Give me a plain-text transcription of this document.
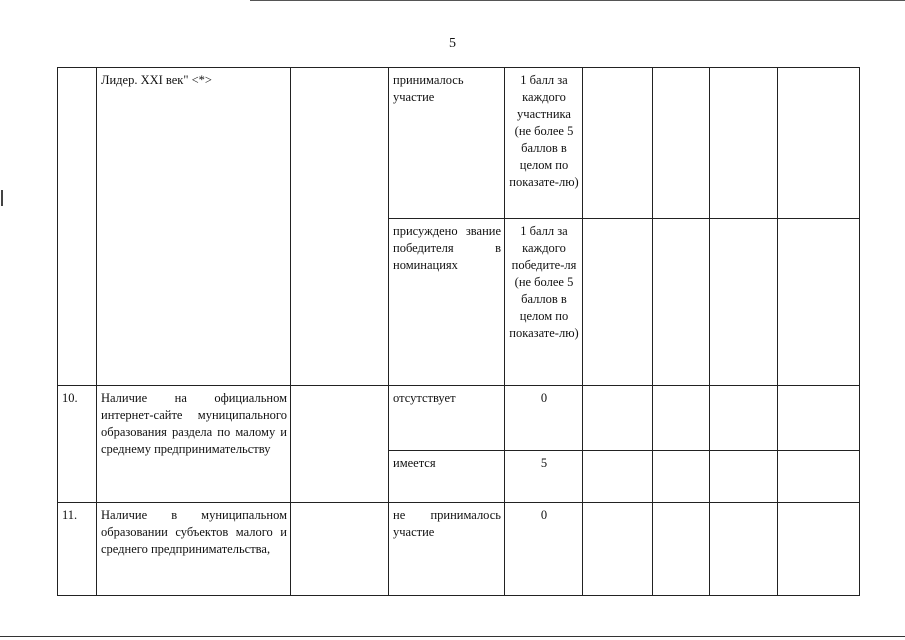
5
	Лидер. XXI век" <*>		принималось участие	1 балл за каждого участника (не более 5 баллов в целом по показате-лю)				
			присуждено звание победителя в номинациях	1 балл за каждого победите-ля (не более 5 баллов в целом по показате-лю)				
10.	Наличие на официальном интернет-сайте муниципального образования раздела по малому и среднему предпринимательству		отсутствует	0				
			имеется	5				
11.	Наличие в муниципальном образовании субъектов малого и среднего предпринимательства,		не принималось участие	0				
